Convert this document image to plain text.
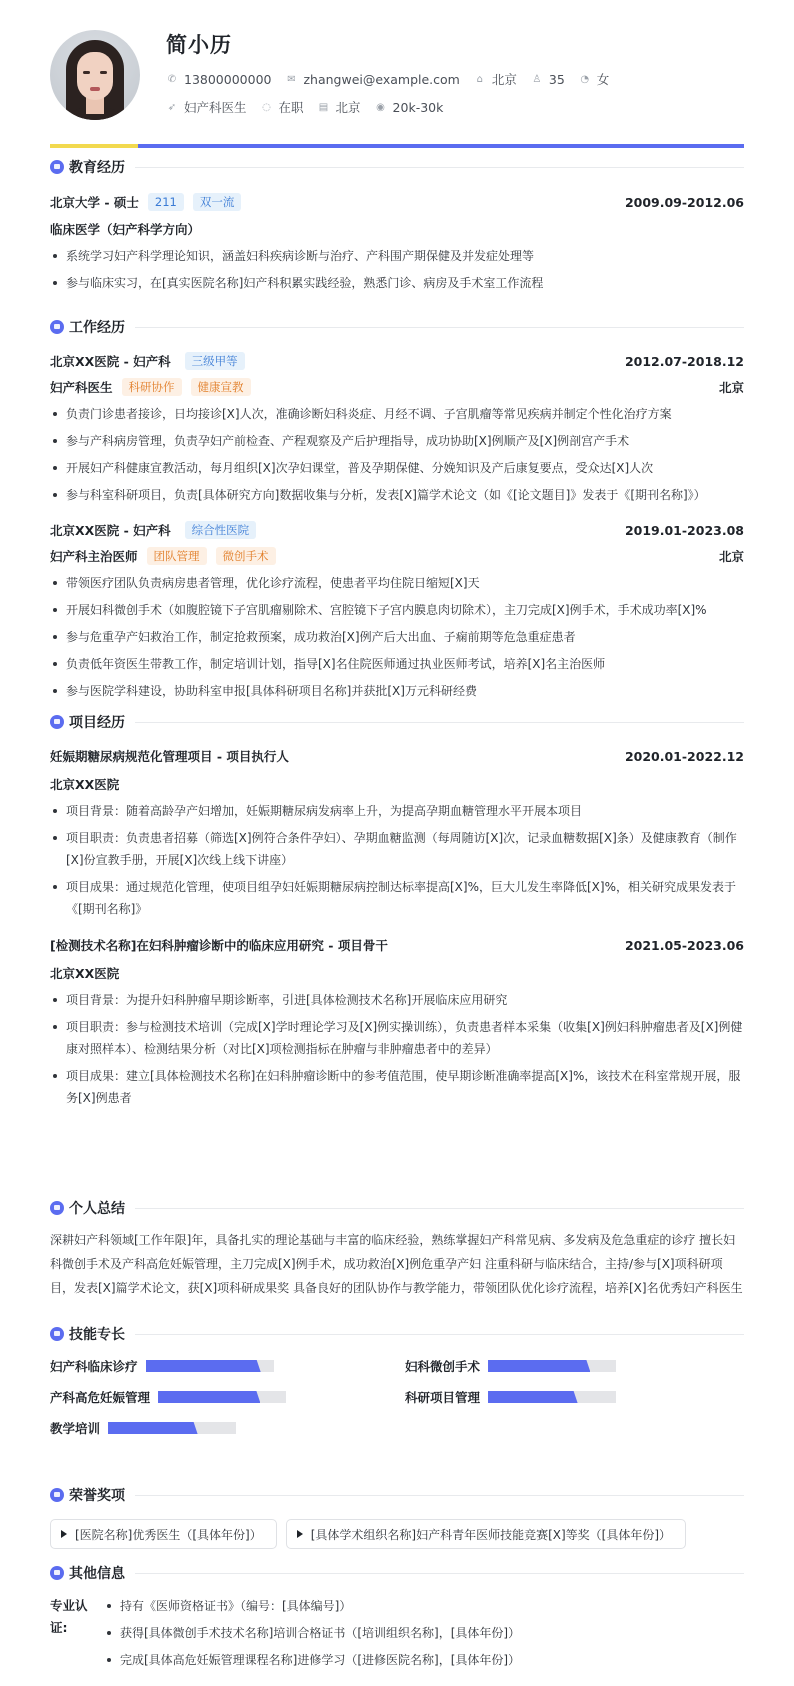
简小历
✆ 13800000000 ✉ zhangwei@example.com ⌂ 北京 ♙ 35 ◔ 女
➶ 妇产科医生 ◌ 在职 ▤ 北京 ◉ 20k-30k
教育经历
北京大学 - 硕士	211	双一流	2009.09-2012.06
临床医学（妇产科学方向）
系统学习妇产科学理论知识，涵盖妇科疾病诊断与治疗、产科围产期保健及并发症处理等
参与临床实习，在[真实医院名称]妇产科积累实践经验，熟悉门诊、病房及手术室工作流程
工作经历
北京XX医院 - 妇产科	三级甲等	2012.07-2018.12
妇产科医生	科研协作	健康宣教	北京
负责门诊患者接诊，日均接诊[X]人次，准确诊断妇科炎症、月经不调、子宫肌瘤等常见疾病并制定个性化治疗方案
参与产科病房管理，负责孕妇产前检查、产程观察及产后护理指导，成功协助[X]例顺产及[X]例剖宫产手术
开展妇产科健康宣教活动，每月组织[X]次孕妇课堂，普及孕期保健、分娩知识及产后康复要点，受众达[X]人次
参与科室科研项目，负责[具体研究方向]数据收集与分析，发表[X]篇学术论文（如《[论文题目]》发表于《[期刊名称]》）
北京XX医院 - 妇产科	综合性医院	2019.01-2023.08
妇产科主治医师	团队管理	微创手术	北京
带领医疗团队负责病房患者管理，优化诊疗流程，使患者平均住院日缩短[X]天
开展妇科微创手术（如腹腔镜下子宫肌瘤剔除术、宫腔镜下子宫内膜息肉切除术），主刀完成[X]例手术，手术成功率[X]%
参与危重孕产妇救治工作，制定抢救预案，成功救治[X]例产后大出血、子痫前期等危急重症患者
负责低年资医生带教工作，制定培训计划，指导[X]名住院医师通过执业医师考试，培养[X]名主治医师
参与医院学科建设，协助科室申报[具体科研项目名称]并获批[X]万元科研经费
项目经历
妊娠期糖尿病规范化管理项目 - 项目执行人	2020.01-2022.12
北京XX医院
项目背景：随着高龄孕产妇增加，妊娠期糖尿病发病率上升，为提高孕期血糖管理水平开展本项目
项目职责：负责患者招募（筛选[X]例符合条件孕妇）、孕期血糖监测（每周随访[X]次，记录血糖数据[X]条）及健康教育（制作[X]份宣教手册，开展[X]次线上线下讲座）
项目成果：通过规范化管理，使项目组孕妇妊娠期糖尿病控制达标率提高[X]%，巨大儿发生率降低[X]%，相关研究成果发表于《[期刊名称]》
[检测技术名称]在妇科肿瘤诊断中的临床应用研究 - 项目骨干	2021.05-2023.06
北京XX医院
项目背景：为提升妇科肿瘤早期诊断率，引进[具体检测技术名称]开展临床应用研究
项目职责：参与检测技术培训（完成[X]学时理论学习及[X]例实操训练），负责患者样本采集（收集[X]例妇科肿瘤患者及[X]例健康对照样本）、检测结果分析（对比[X]项检测指标在肿瘤与非肿瘤患者中的差异）
项目成果：建立[具体检测技术名称]在妇科肿瘤诊断中的参考值范围，使早期诊断准确率提高[X]%，该技术在科室常规开展，服务[X]例患者
个人总结

深耕妇产科领域[工作年限]年，具备扎实的理论基础与丰富的临床经验，熟练掌握妇产科常见病、多发病及危急重症的诊疗 擅长妇科微创手术及产科高危妊娠管理，主刀完成[X]例手术，成功救治[X]例危重孕产妇 注重科研与临床结合，主持/参与[X]项科研项目，发表[X]篇学术论文，获[X]项科研成果奖 具备良好的团队协作与教学能力，带领团队优化诊疗流程，培养[X]名优秀妇产科医生

技能专长
妇产科临床诊疗	妇科微创手术
产科高危妊娠管理	科研项目管理
教学培训
荣誉奖项
[医院名称]优秀医生（[具体年份]）	[具体学术组织名称]妇产科青年医师技能竞赛[X]等奖（[具体年份]）
其他信息
专业认证:
持有《医师资格证书》（编号：[具体编号]）
获得[具体微创手术技术名称]培训合格证书（[培训组织名称]，[具体年份]）
完成[具体高危妊娠管理课程名称]进修学习（[进修医院名称]，[具体年份]）
